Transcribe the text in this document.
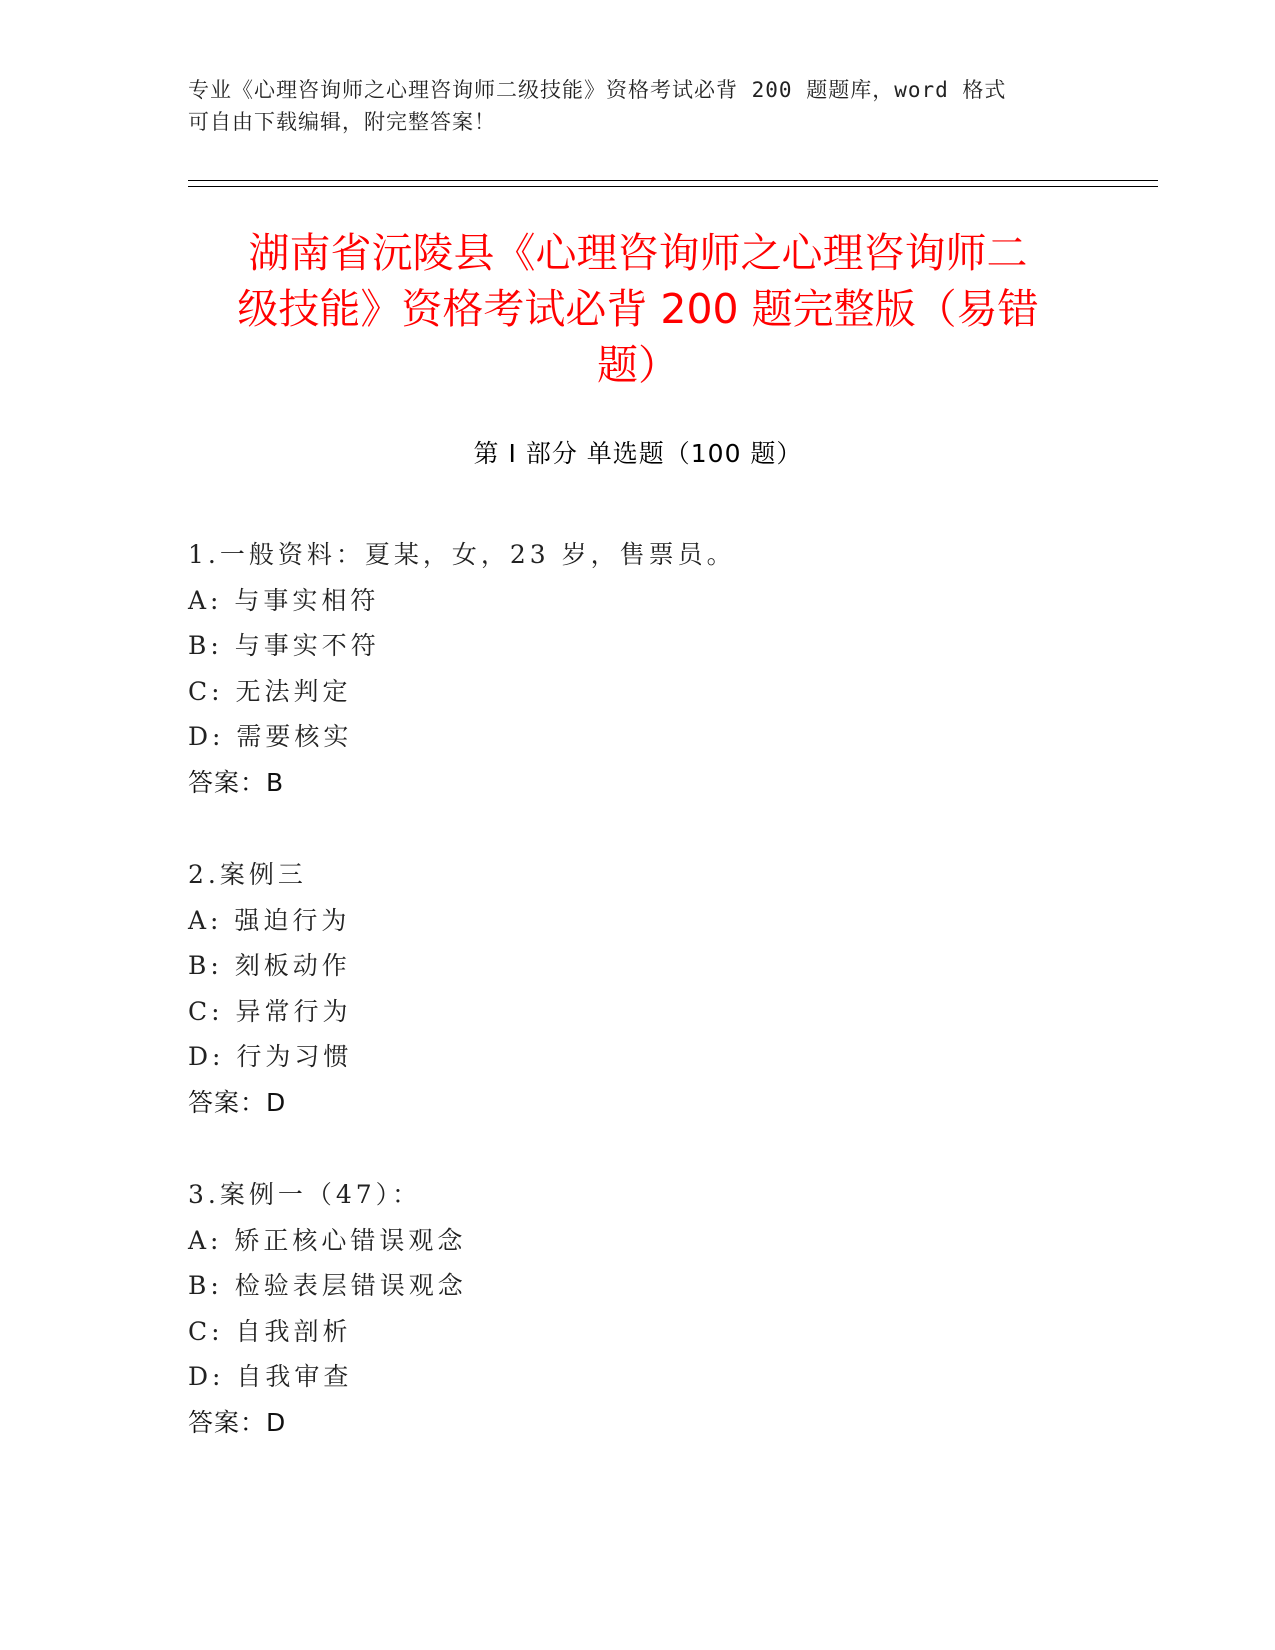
专业《心理咨询师之心理咨询师二级技能》资格考试必背 200 题题库，word 格式
可自由下载编辑，附完整答案！
湖南省沅陵县《心理咨询师之心理咨询师二
级技能》资格考试必背 200 题完整版（易错
题）
第 I 部分 单选题（100 题）
1.一般资料：夏某，女，23 岁，售票员。
A: 与事实相符
B: 与事实不符
C: 无法判定
D: 需要核实
答案：B
2.案例三
A: 强迫行为
B: 刻板动作
C: 异常行为
D: 行为习惯
答案：D
3.案例一（47）：
A: 矫正核心错误观念
B: 检验表层错误观念
C: 自我剖析
D: 自我审查
答案：D
